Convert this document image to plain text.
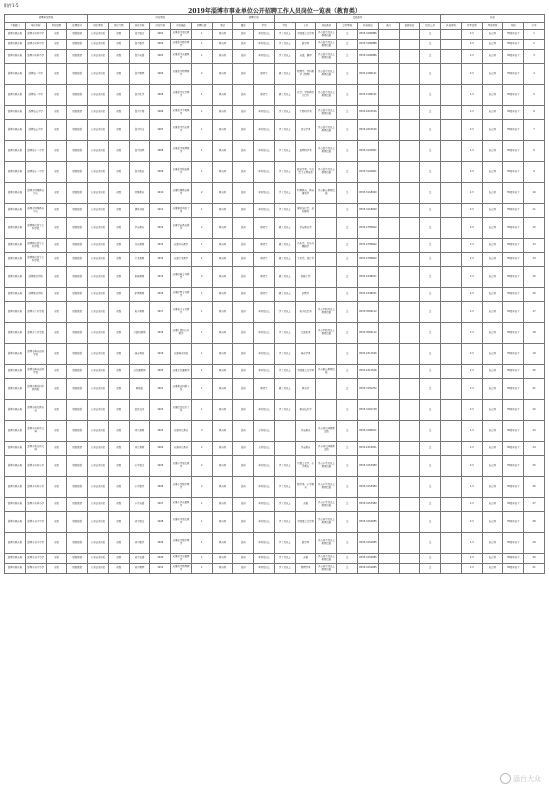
附件1-5
2019年淄博市事业单位公开招聘工作人员岗位一览表（教育类）
招聘单位情况				岗位情况							招聘计划		资格条件								其他				
主管部门	单位名称	单位层级	经费形式	岗位类别	岗位等级	岗位名称	岗位代码	岗位描述	招聘人数	笔试	面试	学历	学位	专业	其他条件	是否带编	咨询电话	备注	监督电话	信息公开	其他说明	开考比例	考试类别	年龄	序号
淄博市教育局	淄博市实验中学	市属	财政拨款	专业技术岗位	初级	高中语文	1901	从事高中语文教学	1	教育类	试讲	本科及以上	学士及以上	中国语言文学类	具有高中及以上教师资格	是	0533-3180886			是		1:3	综合类	35周岁以下	1
淄博市教育局	淄博市实验中学	市属	财政拨款	专业技术岗位	初级	高中数学	1902	从事高中数学教学	1	教育类	试讲	本科及以上	学士及以上	数学类	具有高中及以上教师资格	是	0533-3180886			是		1:3	综合类	35周岁以下	2
淄博市教育局	淄博市实验中学	市属	财政拨款	专业技术岗位	初级	高中英语	1903	从事高中英语教学	1	教育类	试讲	本科及以上	学士及以上	英语、翻译	具有高中及以上教师资格	是	0533-3180886			是		1:3	综合类	35周岁以下	3
淄博市教育局	淄博第一中学	市属	财政拨款	专业技术岗位	初级	高中物理	1904	从事高中物理教学	2	教育类	试讲	研究生	硕士及以上	物理学、学科教学（物理）	具有高中及以上教师资格	是	0533-2180121			是		1:3	综合类	35周岁以下	4
淄博市教育局	淄博第一中学	市属	财政拨款	专业技术岗位	初级	高中化学	1905	从事高中化学教学	1	教育类	试讲	研究生	硕士及以上	化学、学科教学（化学）	具有高中及以上教师资格	是	0533-2180121			是		1:3	综合类	35周岁以下	5
淄博市教育局	淄博第五中学	市属	财政拨款	专业技术岗位	初级	高中生物	1906	从事高中生物教学	1	教育类	试讲	本科及以上	学士及以上	生物科学类	具有高中及以上教师资格	是	0533-2210516			是		1:3	综合类	35周岁以下	6
淄博市教育局	淄博第五中学	市属	财政拨款	专业技术岗位	初级	高中历史	1907	从事高中历史教学	1	教育类	试讲	本科及以上	学士及以上	历史学类	具有高中及以上教师资格	是	0533-2210516			是		1:3	综合类	35周岁以下	7
淄博市教育局	淄博第十一中学	市属	财政拨款	专业技术岗位	初级	高中地理	1908	从事高中地理教学	1	教育类	试讲	本科及以上	学士及以上	地理科学类	具有高中及以上教师资格	是	0533-3120601			是		1:3	综合类	35周岁以下	8
淄博市教育局	淄博第十一中学	市属	财政拨款	专业技术岗位	初级	高中政治	1909	从事高中政治教学	1	教育类	试讲	本科及以上	学士及以上	政治学类、马克思主义理论类	具有高中及以上教师资格	是	0533-3120601			是		1:3	综合类	35周岁以下	9
淄博市教育局	淄博市特殊教育中心	市属	财政拨款	专业技术岗位	初级	特殊教育	1910	从事特殊教育教学	2	教育类	试讲	本科及以上	学士及以上	特殊教育、教育康复学	具有相应教师资格	是	0533-3118920			是		1:3	综合类	35周岁以下	10
淄博市教育局	淄博市特殊教育中心	市属	财政拨款	专业技术岗位	初级	康复训练	1911	从事康复训练工作	1	教育类	试讲	本科及以上	学士及以上	康复治疗学、运动康复		是	0533-3118920			是		1:3	综合类	35周岁以下	11
淄博市教育局	淄博师范高等专科学校	市属	财政拨款	专业技术岗位	初级	学前教育	1912	从事学前教育教学	2	教育类	试讲	研究生	硕士及以上	学前教育学		是	0533-2785602			是		1:3	综合类	35周岁以下	12
淄博市教育局	淄博师范高等专科学校	市属	财政拨款	专业技术岗位	初级	音乐教师	1913	从事音乐教学	1	教育类	试讲	研究生	硕士及以上	音乐学、音乐与舞蹈学		是	0533-2785602			是		1:3	综合类	35周岁以下	13
淄博市教育局	淄博师范高等专科学校	市属	财政拨款	专业技术岗位	初级	美术教师	1914	从事美术教学	1	教育类	试讲	研究生	硕士及以上	美术学、设计学		是	0533-2785602			是		1:3	综合类	35周岁以下	14
淄博市教育局	淄博职业学院	市属	财政拨款	专业技术岗位	初级	机械教师	1915	从事机械专业教学	2	教育类	试讲	研究生	硕士及以上	机械工程		是	0533-2348011			是		1:3	综合类	35周岁以下	15
淄博市教育局	淄博职业学院	市属	财政拨款	专业技术岗位	初级	护理教师	1916	从事护理专业教学	1	教育类	试讲	研究生	硕士及以上	护理学		是	0533-2348011			是		1:3	综合类	35周岁以下	16
淄博市教育局	淄博市工业学校	市属	财政拨款	专业技术岗位	初级	电子教师	1917	从事电子专业教学	1	教育类	试讲	本科及以上	学士及以上	电子信息类	具有中职及以上教师资格	是	0533-3584112			是		1:3	综合类	35周岁以下	17
淄博市教育局	淄博市工业学校	市属	财政拨款	专业技术岗位	初级	计算机教师	1918	从事计算机专业教学	1	教育类	试讲	本科及以上	学士及以上	计算机类	具有中职及以上教师资格	是	0533-3584112			是		1:3	综合类	35周岁以下	18
淄博市教育局	淄博市体育运动学校	市属	财政拨款	专业技术岗位	初级	体育教练	1919	从事体育训练	1	教育类	试讲	本科及以上	学士及以上	体育学类		是	0533-2311526			是		1:3	综合类	35周岁以下	19
淄博市教育局	淄博市体育运动学校	市属	财政拨款	专业技术岗位	初级	文化课教师	1920	从事文化课教学	1	教育类	试讲	本科及以上	学士及以上	中国语言文学类	具有相应教师资格	是	0533-2311526			是		1:3	综合类	35周岁以下	20
淄博市教育局	淄博市教育科学研究院	市属	财政拨款	专业技术岗位	初级	教研员	1921	从事教育科研工作	1	教育类	试讲	研究生	硕士及以上	教育学		是	0533-3181702			是		1:3	综合类	35周岁以下	21
淄博市教育局	淄博市电化教育馆	市属	财政拨款	专业技术岗位	初级	信息技术	1922	从事信息技术工作	1	教育类	试讲	本科及以上	学士及以上	教育技术学		是	0533-3181718			是		1:3	综合类	35周岁以下	22
淄博市教育局	淄博市实验幼儿园	市属	财政拨款	专业技术岗位	初级	幼儿教师	1923	从事幼儿教育	3	教育类	试讲	专科及以上		学前教育	具有幼儿园教师资格	是	0533-3180611			是		1:3	综合类	30周岁以下	23
淄博市教育局	淄博市机关幼儿园	市属	财政拨款	专业技术岗位	初级	幼儿教师	1924	从事幼儿教育	2	教育类	试讲	专科及以上		学前教育	具有幼儿园教师资格	是	0533-2314051			是		1:3	综合类	30周岁以下	24
淄博市教育局	淄博市实验小学	市属	财政拨款	专业技术岗位	初级	小学语文	1925	从事小学语文教学	2	教育类	试讲	本科及以上	学士及以上	汉语言文学、小学教育	具有小学及以上教师资格	是	0533-3153380			是		1:3	综合类	35周岁以下	25
淄博市教育局	淄博市实验小学	市属	财政拨款	专业技术岗位	初级	小学数学	1926	从事小学数学教学	2	教育类	试讲	本科及以上	学士及以上	数学类、小学教育	具有小学及以上教师资格	是	0533-3153380			是		1:3	综合类	35周岁以下	26
淄博市教育局	淄博市实验小学	市属	财政拨款	专业技术岗位	初级	小学英语	1927	从事小学英语教学	1	教育类	试讲	本科及以上	学士及以上	英语	具有小学及以上教师资格	是	0533-3153380			是		1:3	综合类	35周岁以下	27
淄博市教育局	淄博市育才中学	市属	财政拨款	专业技术岗位	初级	初中语文	1928	从事初中语文教学	1	教育类	试讲	本科及以上	学士及以上	中国语言文学类	具有初中及以上教师资格	是	0533-3152085			是		1:3	综合类	35周岁以下	28
淄博市教育局	淄博市育才中学	市属	财政拨款	专业技术岗位	初级	初中数学	1929	从事初中数学教学	1	教育类	试讲	本科及以上	学士及以上	数学类	具有初中及以上教师资格	是	0533-3152085			是		1:3	综合类	35周岁以下	29
淄博市教育局	淄博市育才中学	市属	财政拨款	专业技术岗位	初级	初中英语	1930	从事初中英语教学	1	教育类	试讲	本科及以上	学士及以上	英语	具有初中及以上教师资格	是	0533-3152085			是		1:3	综合类	35周岁以下	30
淄博市教育局	淄博市育才中学	市属	财政拨款	专业技术岗位	初级	初中物理	1931	从事初中物理教学	1	教育类	试讲	本科及以上	学士及以上	物理学类	具有初中及以上教师资格	是	0533-3152085			是		1:3	综合类	35周岁以下	31
淄台大众
